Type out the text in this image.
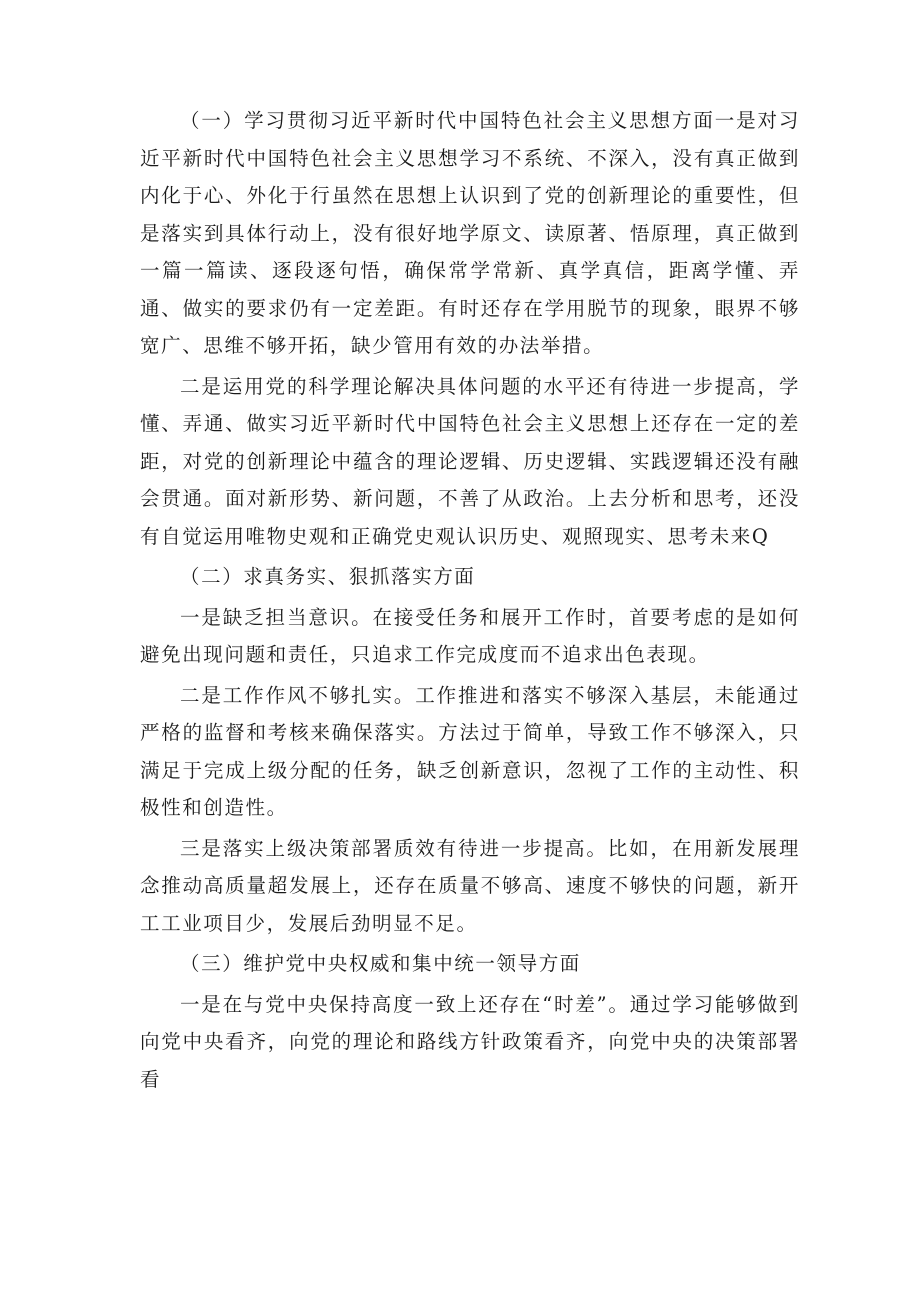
（一）学习贯彻习近平新时代中国特色社会主义思想方面一是对习近平新时代中国特色社会主义思想学习不系统、不深入，没有真正做到内化于心、外化于行虽然在思想上认识到了党的创新理论的重要性，但是落实到具体行动上，没有很好地学原文、读原著、悟原理，真正做到一篇一篇读、逐段逐句悟，确保常学常新、真学真信，距离学懂、弄通、做实的要求仍有一定差距。有时还存在学用脱节的现象，眼界不够宽广、思维不够开拓，缺少管用有效的办法举措。

二是运用党的科学理论解决具体问题的水平还有待进一步提高，学懂、弄通、做实习近平新时代中国特色社会主义思想上还存在一定的差距，对党的创新理论中蕴含的理论逻辑、历史逻辑、实践逻辑还没有融会贯通。面对新形势、新问题，不善了从政治。上去分析和思考，还没有自觉运用唯物史观和正确党史观认识历史、观照现实、思考未来Q

（二）求真务实、狠抓落实方面

一是缺乏担当意识。在接受任务和展开工作时，首要考虑的是如何避免出现问题和责任，只追求工作完成度而不追求出色表现。

二是工作作风不够扎实。工作推进和落实不够深入基层，未能通过严格的监督和考核来确保落实。方法过于简单，导致工作不够深入，只满足于完成上级分配的任务，缺乏创新意识，忽视了工作的主动性、积极性和创造性。

三是落实上级决策部署质效有待进一步提高。比如，在用新发展理念推动高质量超发展上，还存在质量不够高、速度不够快的问题，新开工工业项目少，发展后劲明显不足。

（三）维护党中央权威和集中统一领导方面

一是在与党中央保持高度一致上还存在“时差”。通过学习能够做到向党中央看齐，向党的理论和路线方针政策看齐，向党中央的决策部署看
